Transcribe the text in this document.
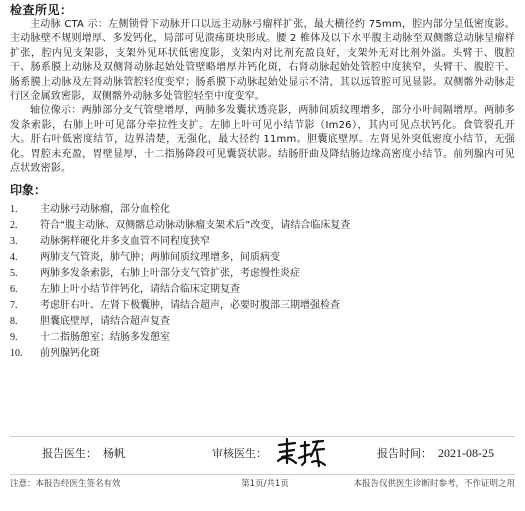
检查所见：

主动脉 CTA 示：左侧锁骨下动脉开口以远主动脉弓瘤样扩张，最大横径约 75mm，腔内部分呈低密度影。主动脉壁不规则增厚、多发钙化，局部可见溃疡斑块形成。腰 2 椎体及以下水平腹主动脉至双侧髂总动脉呈瘤样扩张，腔内见支架影，支架外见环状低密度影，支架内对比剂充盈良好，支架外无对比剂外溢。头臂干、腹腔干、肠系膜上动脉及双侧肾动脉起始处管壁略增厚并钙化斑，右肾动脉起始处管腔中度狭窄，头臂干、腹腔干、肠系膜上动脉及左肾动脉管腔轻度变窄；肠系膜下动脉起始处显示不清，其以远管腔可见显影。双侧髂外动脉走行区金属致密影，双侧髂外动脉多处管腔轻至中度变窄。

轴位像示：两肺部分支气管壁增厚，两肺多发囊状透亮影，两肺间质纹理增多，部分小叶间隔增厚。两肺多发条索影，右肺上叶可见部分牵拉性支扩。左肺上叶可见小结节影（Im26），其内可见点状钙化。食管裂孔开大。肝右叶低密度结节，边界清楚，无强化，最大径约 11mm。胆囊底壁厚。左肾见外突低密度小结节，无强化。胃腔未充盈，胃壁显厚，十二指肠降段可见囊袋状影。结肠肝曲及降结肠边缘高密度小结节。前列腺内可见点状致密影。

印象：
1.	主动脉弓动脉瘤，部分血栓化
2.	符合“腹主动脉、双侧髂总动脉动脉瘤支架术后”改变，请结合临床复查
3.	动脉粥样硬化并多支血管不同程度狭窄
4.	两肺支气管炎，肺气肿；两肺间质纹理增多，间质病变
5.	两肺多发条索影，右肺上叶部分支气管扩张，考虑慢性炎症
6.	左肺上叶小结节伴钙化，请结合临床定期复查
7.	考虑肝右叶、左肾下极囊肿，请结合超声，必要时腹部三期增强检查
8.	胆囊底壁厚，请结合超声复查
9.	十二指肠憩室；结肠多发憩室
10.	前列腺钙化斑
报告医生： 杨帆	审核医生：	报告时间： 2021-08-25
注意：本报告经医生签名有效	第1页/共1页	本报告仅供医生诊断时参考，不作证明之用
